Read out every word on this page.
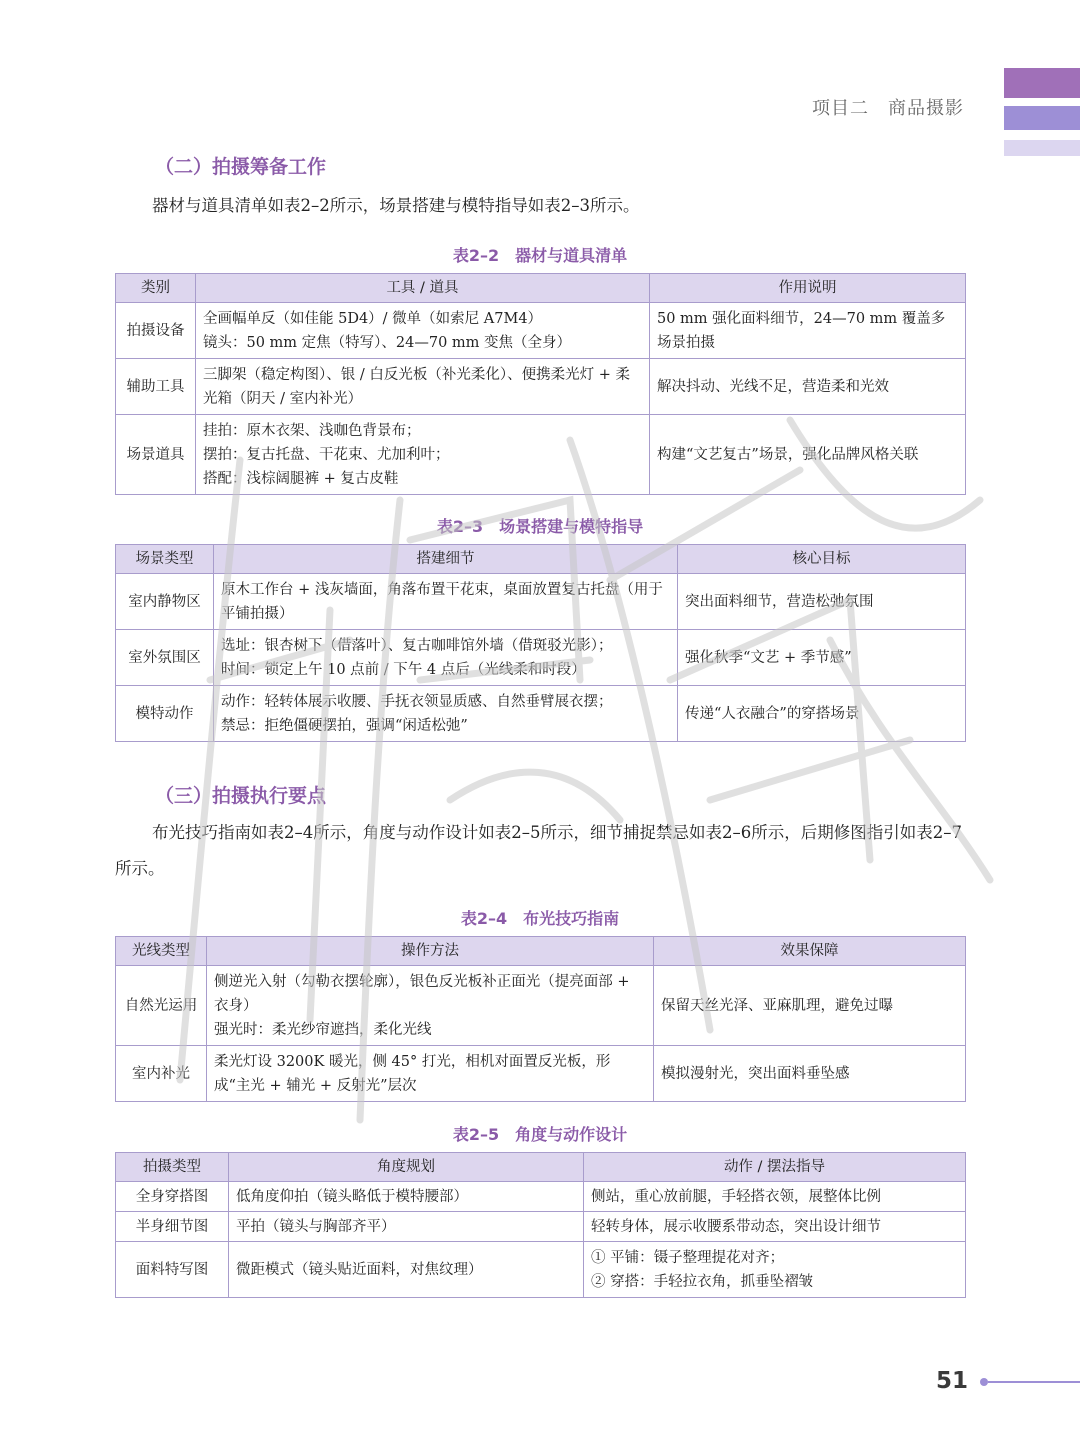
项目二　商品摄影
（二）拍摄筹备工作
器材与道具清单如表2–2所示，场景搭建与模特指导如表2–3所示。
表2–2　器材与道具清单
类别	工具 / 道具	作用说明
拍摄设备	全画幅单反（如佳能 5D4）/ 微单（如索尼 A7M4）
镜头：50 mm 定焦（特写）、24—70 mm 变焦（全身）	50 mm 强化面料细节，24—70 mm 覆盖多场景拍摄
辅助工具	三脚架（稳定构图）、银 / 白反光板（补光柔化）、便携柔光灯 + 柔光箱（阴天 / 室内补光）	解决抖动、光线不足，营造柔和光效
场景道具	挂拍：原木衣架、浅咖色背景布；
摆拍：复古托盘、干花束、尤加利叶；
搭配：浅棕阔腿裤 + 复古皮鞋	构建“文艺复古”场景，强化品牌风格关联
表2–3　场景搭建与模特指导
场景类型	搭建细节	核心目标
室内静物区	原木工作台 + 浅灰墙面，角落布置干花束，桌面放置复古托盘（用于平铺拍摄）	突出面料细节，营造松弛氛围
室外氛围区	选址：银杏树下（借落叶）、复古咖啡馆外墙（借斑驳光影）；
时间：锁定上午 10 点前 / 下午 4 点后（光线柔和时段）	强化秋季“文艺 + 季节感”
模特动作	动作：轻转体展示收腰、手抚衣领显质感、自然垂臂展衣摆；
禁忌：拒绝僵硬摆拍，强调“闲适松弛”	传递“人衣融合”的穿搭场景
（三）拍摄执行要点
布光技巧指南如表2–4所示，角度与动作设计如表2–5所示，细节捕捉禁忌如表2–6所示，后期修图指引如表2–7所示。
表2–4　布光技巧指南
光线类型	操作方法	效果保障
自然光运用	侧逆光入射（勾勒衣摆轮廓），银色反光板补正面光（提亮面部 + 衣身）
强光时：柔光纱帘遮挡，柔化光线	保留天丝光泽、亚麻肌理，避免过曝
室内补光	柔光灯设 3200K 暖光，侧 45° 打光，相机对面置反光板，形成“主光 + 辅光 + 反射光”层次	模拟漫射光，突出面料垂坠感
表2–5　角度与动作设计
拍摄类型	角度规划	动作 / 摆法指导
全身穿搭图	低角度仰拍（镜头略低于模特腰部）	侧站，重心放前腿，手轻搭衣领，展整体比例

半身细节图	平拍（镜头与胸部齐平）	轻转身体，展示收腰系带动态，突出设计细节

面料特写图	微距模式（镜头贴近面料，对焦纹理）	① 平铺：镊子整理提花对齐；
② 穿搭：手轻拉衣角，抓垂坠褶皱
51
